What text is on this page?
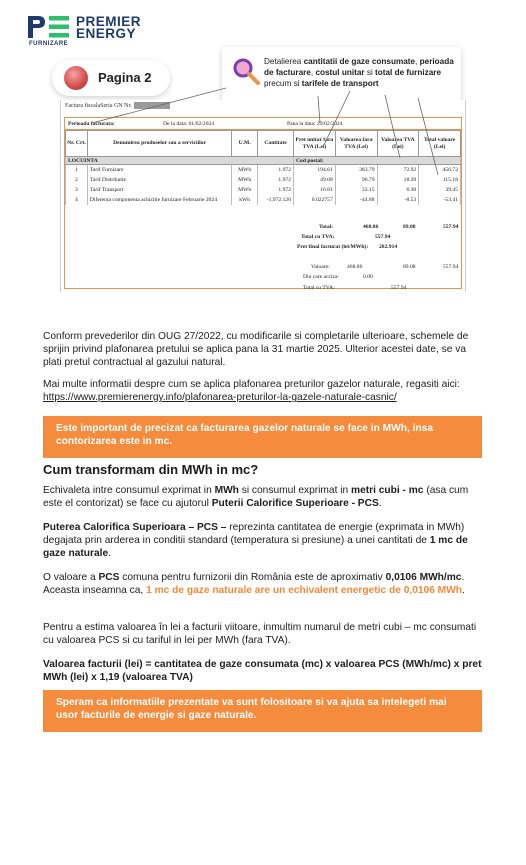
PREMIER
ENERGY
FURNIZARE
Pagina 2
Detalierea cantitatii de gaze consumate, perioada de facturare, costul unitar si total de furnizare precum si tarifele de transport
Factura fiscalaSeria GN Nr.
Perioada facturata:	De la data: 01/02/2024	Pana la data: 29/02/2024
Nr. Crt.	Denumirea produselor sau a serviciilor	U.M.	Cantitate	Pret unitar fara TVA (Lei)	Valoarea fara TVA (Lei)	Valoarea TVA (Lei)	Total valoare (Lei)
LOCUINTA				Cod postal:			
1	Tarif Furnizare	MWh	1.972	194.61	383.79	72.92	456.72
2	Tarif Distributie	MWh	1.972	49.08	96.79	18.39	115.18
3	Tarif Transport	MWh	1.972	16.81	33.15	6.30	39.45
4	Diferenta componenta achizitie furnizare Februarie 2024	kWh	-1,972.120	0.022757	-44.88	-8.53	-53.41
Total:	468.86	89.08	557.94
Total cu TVA:	557.94
Pret final facturat (lei/MWh): 282.914
Valoare:	468.86	89.08	557.94
Din care acciza:	0.00
Total cu TVA:	557.94
Conform prevederilor din OUG 27/2022, cu modificarile si completarile ulterioare, schemele de sprijin privind plafonarea pretului se aplica pana la 31 martie 2025. Ulterior acestei date, se va plati pretul contractual al gazului natural.
Mai multe informatii despre cum se aplica plafonarea preturilor gazelor naturale, regasiti aici: https://www.premierenergy.info/plafonarea-preturilor-la-gazele-naturale-casnic/
Este important de precizat ca facturarea gazelor naturale se face in MWh, insa contorizarea este in mc.
Cum transformam din MWh in mc?
Echivaleta intre consumul exprimat in MWh si consumul exprimat in metri cubi - mc (asa cum este el contorizat) se face cu ajutorul Puterii Calorifice Superioare - PCS.
Puterea Calorifica Superioara – PCS – reprezinta cantitatea de energie (exprimata in MWh) degajata prin arderea in conditii standard (temperatura si presiune) a unei cantitati de 1 mc de gaze naturale.
O valoare a PCS comuna pentru furnizorii din România este de aproximativ 0,0106 MWh/mc. Aceasta inseamna ca, 1 mc de gaze naturale are un echivalent energetic de 0,0106 MWh.
Pentru a estima valoarea în lei a facturii viitoare, inmultim numarul de metri cubi – mc consumati cu valoarea PCS si cu tariful in lei per MWh (fara TVA).
Valoarea facturii (lei) = cantitatea de gaze consumata (mc) x valoarea PCS (MWh/mc) x pret MWh (lei) x 1,19 (valoarea TVA)
Speram ca informatiile prezentate va sunt folositoare si va ajuta sa intelegeti mai usor facturile de energie si gaze naturale.
